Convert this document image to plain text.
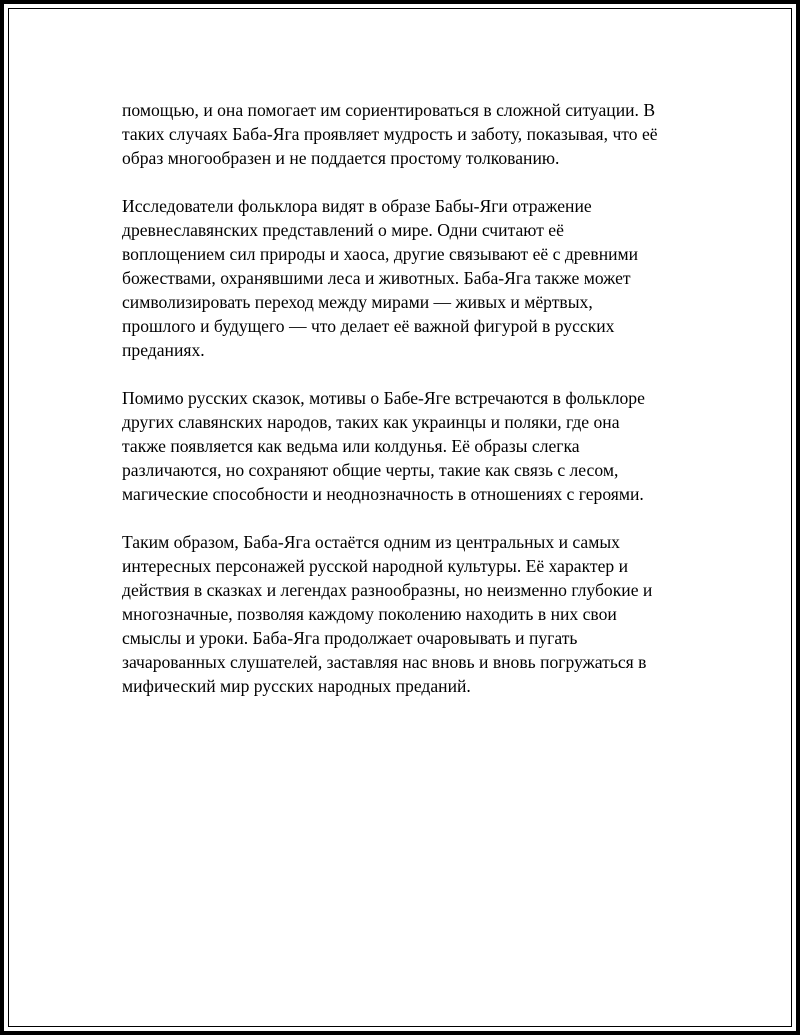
помощью, и она помогает им сориентироваться в сложной ситуации. В
таких случаях Баба-Яга проявляет мудрость и заботу, показывая, что её
образ многообразен и не поддается простому толкованию.

Исследователи фольклора видят в образе Бабы-Яги отражение
древнеславянских представлений о мире. Одни считают её
воплощением сил природы и хаоса, другие связывают её с древними
божествами, охранявшими леса и животных. Баба-Яга также может
символизировать переход между мирами — живых и мёртвых,
прошлого и будущего — что делает её важной фигурой в русских
преданиях.

Помимо русских сказок, мотивы о Бабе-Яге встречаются в фольклоре
других славянских народов, таких как украинцы и поляки, где она
также появляется как ведьма или колдунья. Её образы слегка
различаются, но сохраняют общие черты, такие как связь с лесом,
магические способности и неоднозначность в отношениях с героями.

Таким образом, Баба-Яга остаётся одним из центральных и самых
интересных персонажей русской народной культуры. Её характер и
действия в сказках и легендах разнообразны, но неизменно глубокие и
многозначные, позволяя каждому поколению находить в них свои
смыслы и уроки. Баба-Яга продолжает очаровывать и пугать
зачарованных слушателей, заставляя нас вновь и вновь погружаться в
мифический мир русских народных преданий.
